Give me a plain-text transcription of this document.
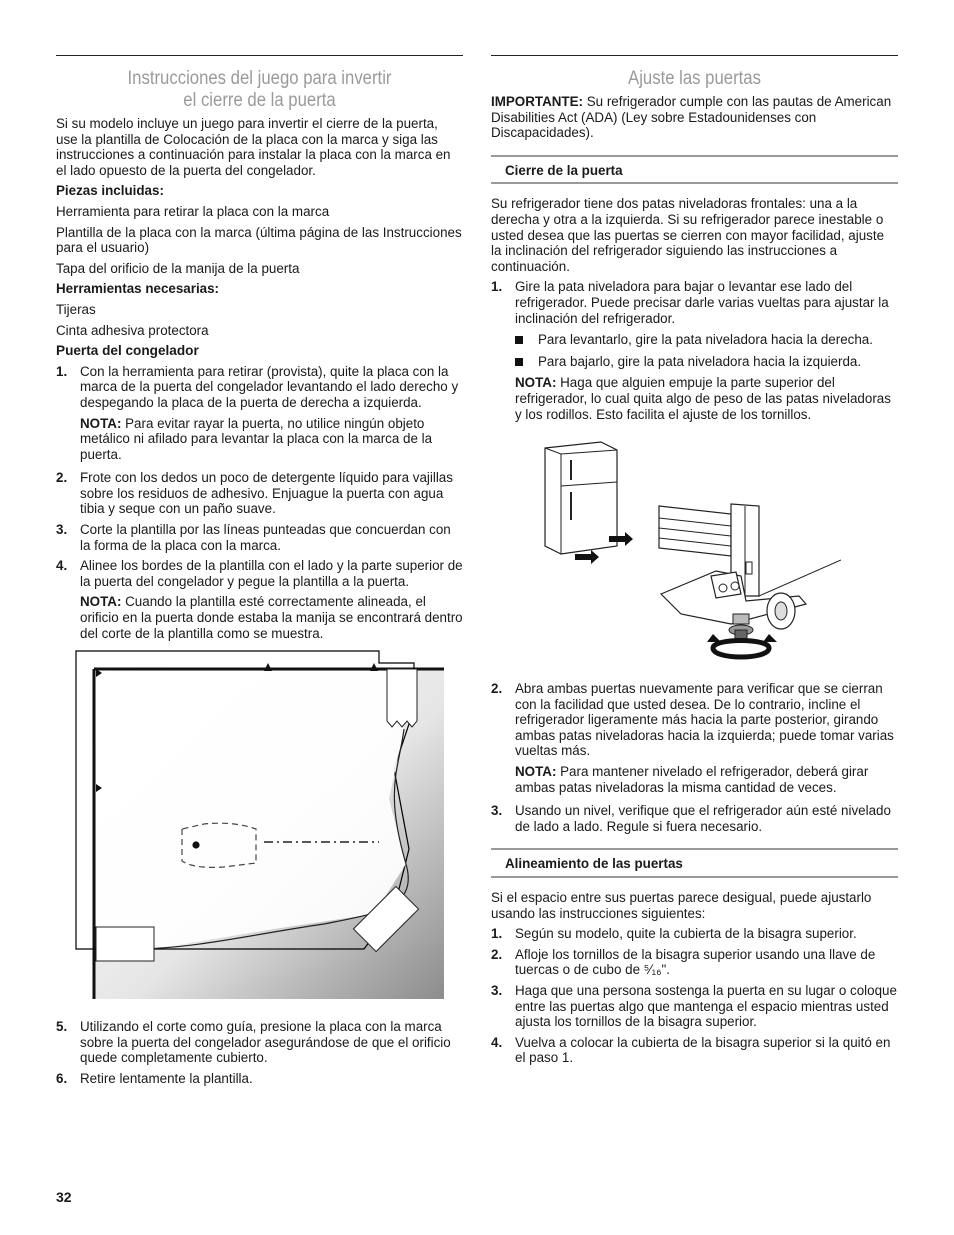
Instrucciones del juego para invertir
el cierre de la puerta

Si su modelo incluye un juego para invertir el cierre de la puerta, use la plantilla de Colocación de la placa con la marca y siga las instrucciones a continuación para instalar la placa con la marca en el lado opuesto de la puerta del congelador.

Piezas incluidas:

Herramienta para retirar la placa con la marca

Plantilla de la placa con la marca (última página de las Instrucciones para el usuario)

Tapa del orificio de la manija de la puerta

Herramientas necesarias:

Tijeras

Cinta adhesiva protectora

Puerta del congelador
1. Con la herramienta para retirar (provista), quite la placa con la marca de la puerta del congelador levantando el lado derecho y despegando la placa de la puerta de derecha a izquierda.

NOTA: Para evitar rayar la puerta, no utilice ningún objeto metálico ni afilado para levantar la placa con la marca de la puerta.

2. Frote con los dedos un poco de detergente líquido para vajillas sobre los residuos de adhesivo. Enjuague la puerta con agua tibia y seque con un paño suave.
3. Corte la plantilla por las líneas punteadas que concuerdan con la forma de la placa con la marca.
4. Alinee los bordes de la plantilla con el lado y la parte superior de la puerta del congelador y pegue la plantilla a la puerta.

NOTA: Cuando la plantilla esté correctamente alineada, el orificio en la puerta donde estaba la manija se encontrará dentro del corte de la plantilla como se muestra.

5. Utilizando el corte como guía, presione la placa con la marca sobre la puerta del congelador asegurándose de que el orificio quede completamente cubierto.
6. Retire lentamente la plantilla.
Ajuste las puertas

IMPORTANTE: Su refrigerador cumple con las pautas de American Disabilities Act (ADA) (Ley sobre Estadounidenses con Discapacidades).

Cierre de la puerta

Su refrigerador tiene dos patas niveladoras frontales: una a la derecha y otra a la izquierda. Si su refrigerador parece inestable o usted desea que las puertas se cierren con mayor facilidad, ajuste la inclinación del refrigerador siguiendo las instrucciones a continuación.

1. Gire la pata niveladora para bajar o levantar ese lado del refrigerador. Puede precisar darle varias vueltas para ajustar la inclinación del refrigerador.
Para levantarlo, gire la pata niveladora hacia la derecha.
Para bajarlo, gire la pata niveladora hacia la izquierda.

NOTA: Haga que alguien empuje la parte superior del refrigerador, lo cual quita algo de peso de las patas niveladoras y los rodillos. Esto facilita el ajuste de los tornillos.

2. Abra ambas puertas nuevamente para verificar que se cierran con la facilidad que usted desea. De lo contrario, incline el refrigerador ligeramente más hacia la parte posterior, girando ambas patas niveladoras hacia la izquierda; puede tomar varias vueltas más.

NOTA: Para mantener nivelado el refrigerador, deberá girar ambas patas niveladoras la misma cantidad de veces.

3. Usando un nivel, verifique que el refrigerador aún esté nivelado de lado a lado. Regule si fuera necesario.
Alineamiento de las puertas

Si el espacio entre sus puertas parece desigual, puede ajustarlo usando las instrucciones siguientes:

1. Según su modelo, quite la cubierta de la bisagra superior.
2. Afloje los tornillos de la bisagra superior usando una llave de tuercas o de cubo de ⁵⁄₁₆".
3. Haga que una persona sostenga la puerta en su lugar o coloque entre las puertas algo que mantenga el espacio mientras usted ajusta los tornillos de la bisagra superior.
4. Vuelva a colocar la cubierta de la bisagra superior si la quitó en el paso 1.
32
